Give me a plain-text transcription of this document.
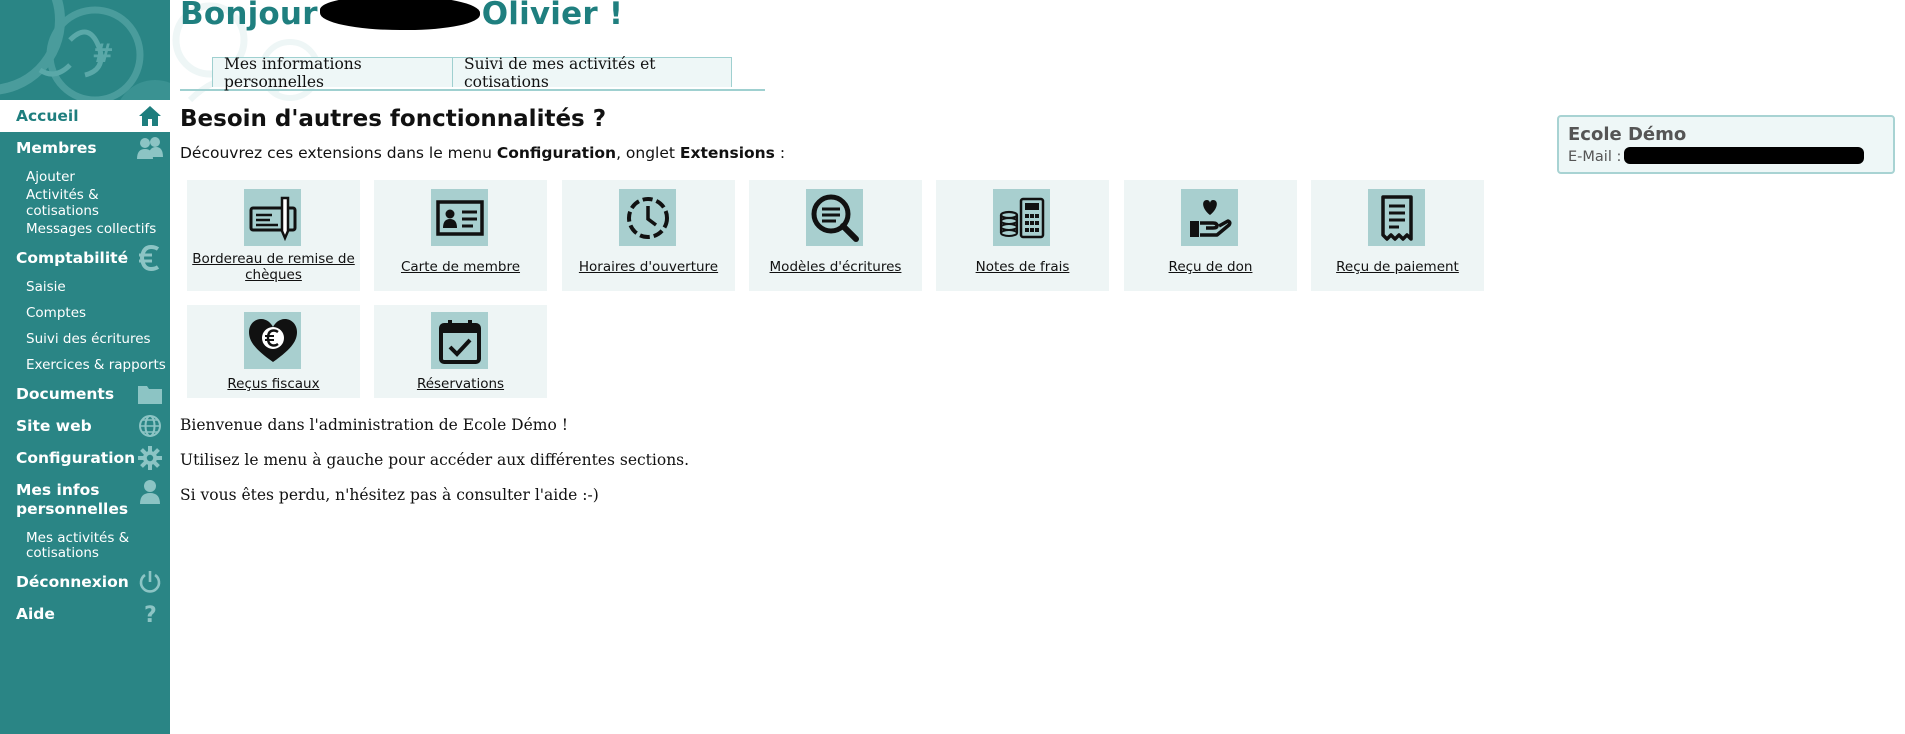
#
Accueil
Membres
Ajouter
Activités & cotisations
Messages collectifs
Comptabilité
Saisie
Comptes
Suivi des écritures
Exercices & rapports
Documents
Site web
Configuration
Mes infos personnelles
Mes activités & cotisations
Déconnexion
Aide	?
Bonjour	Olivier !
Mes informations personnelles
Suivi de mes activités et cotisations
Besoin d'autres fonctionnalités ?
Découvrez ces extensions dans le menu Configuration, onglet Extensions :
Bordereau de remise de chèques	Carte de membre	Horaires d'ouverture	Modèles d'écritures	Notes de frais	Reçu de don	Reçu de paiement
Reçus fiscaux	Réservations
Bienvenue dans l'administration de Ecole Démo !
Utilisez le menu à gauche pour accéder aux différentes sections.
Si vous êtes perdu, n'hésitez pas à consulter l'aide :-)
Ecole Démo
E-Mail :
